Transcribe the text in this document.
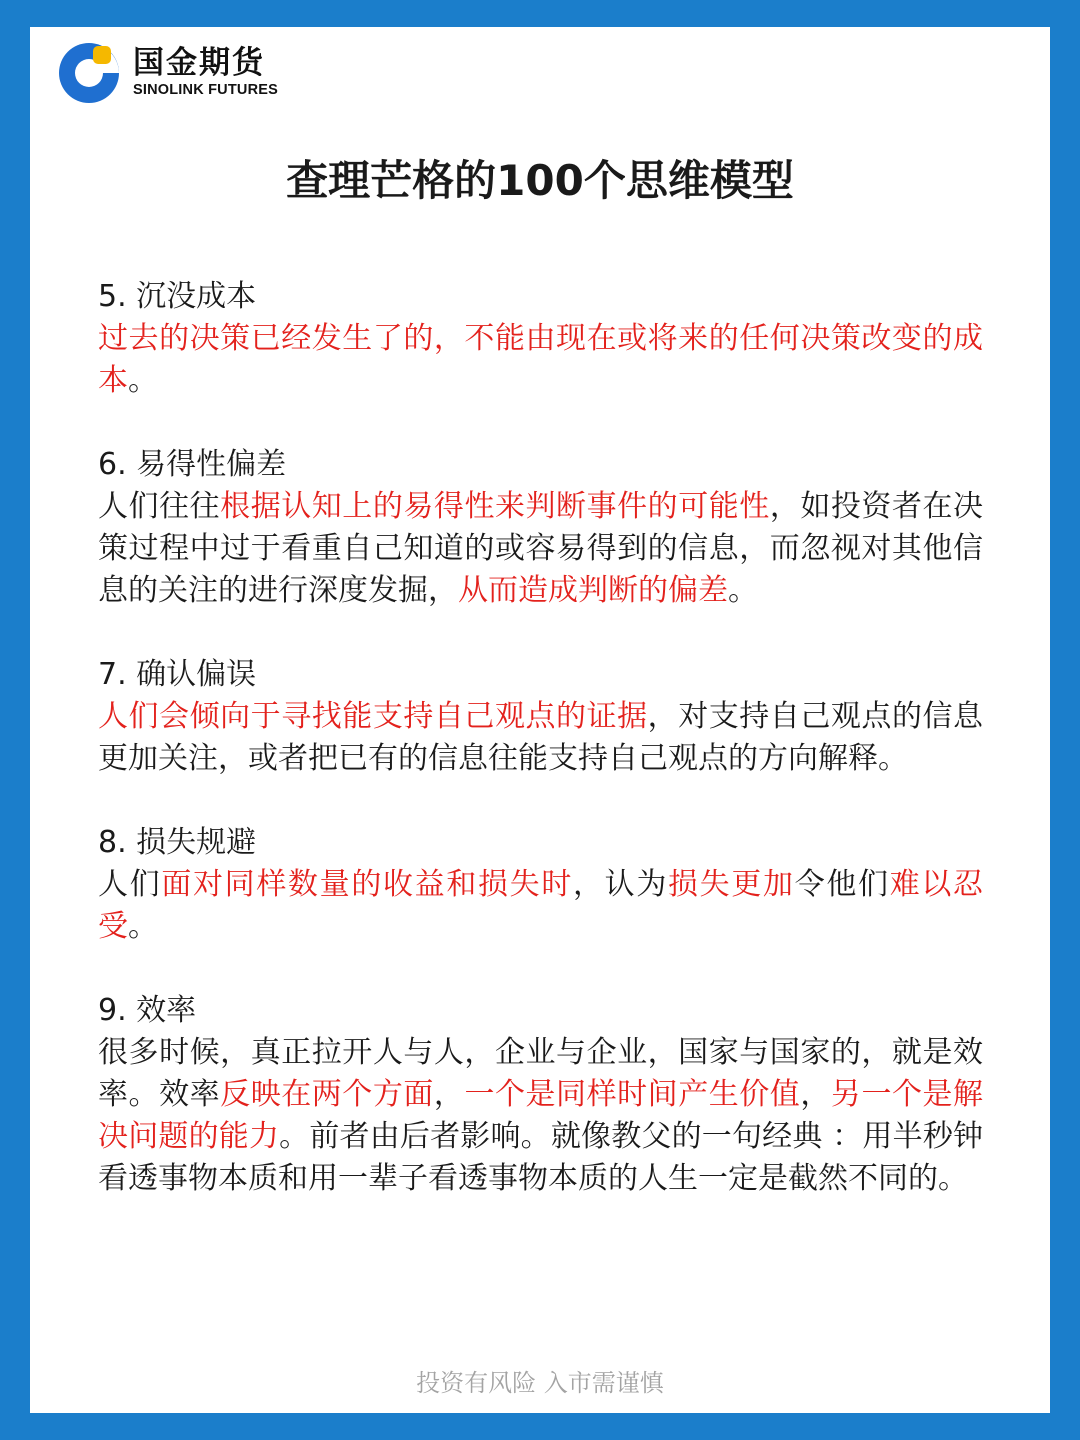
国金期货
SINOLINK FUTURES
查理芒格的100个思维模型

5. 沉没成本

过去的决策已经发生了的，不能由现在或将来的任何决策改变的成本。

6. 易得性偏差

人们往往根据认知上的易得性来判断事件的可能性，如投资者在决策过程中过于看重自己知道的或容易得到的信息，而忽视对其他信息的关注的进行深度发掘，从而造成判断的偏差。

7. 确认偏误

人们会倾向于寻找能支持自己观点的证据，对支持自己观点的信息更加关注，或者把已有的信息往能支持自己观点的方向解释。

8. 损失规避

人们面对同样数量的收益和损失时，认为损失更加令他们难以忍受。

9. 效率

很多时候，真正拉开人与人，企业与企业，国家与国家的，就是效率。效率反映在两个方面，一个是同样时间产生价值，另一个是解决问题的能力。前者由后者影响。就像教父的一句经典 ：用半秒钟看透事物本质和用一辈子看透事物本质的人生一定是截然不同的。

投资有风险 入市需谨慎
